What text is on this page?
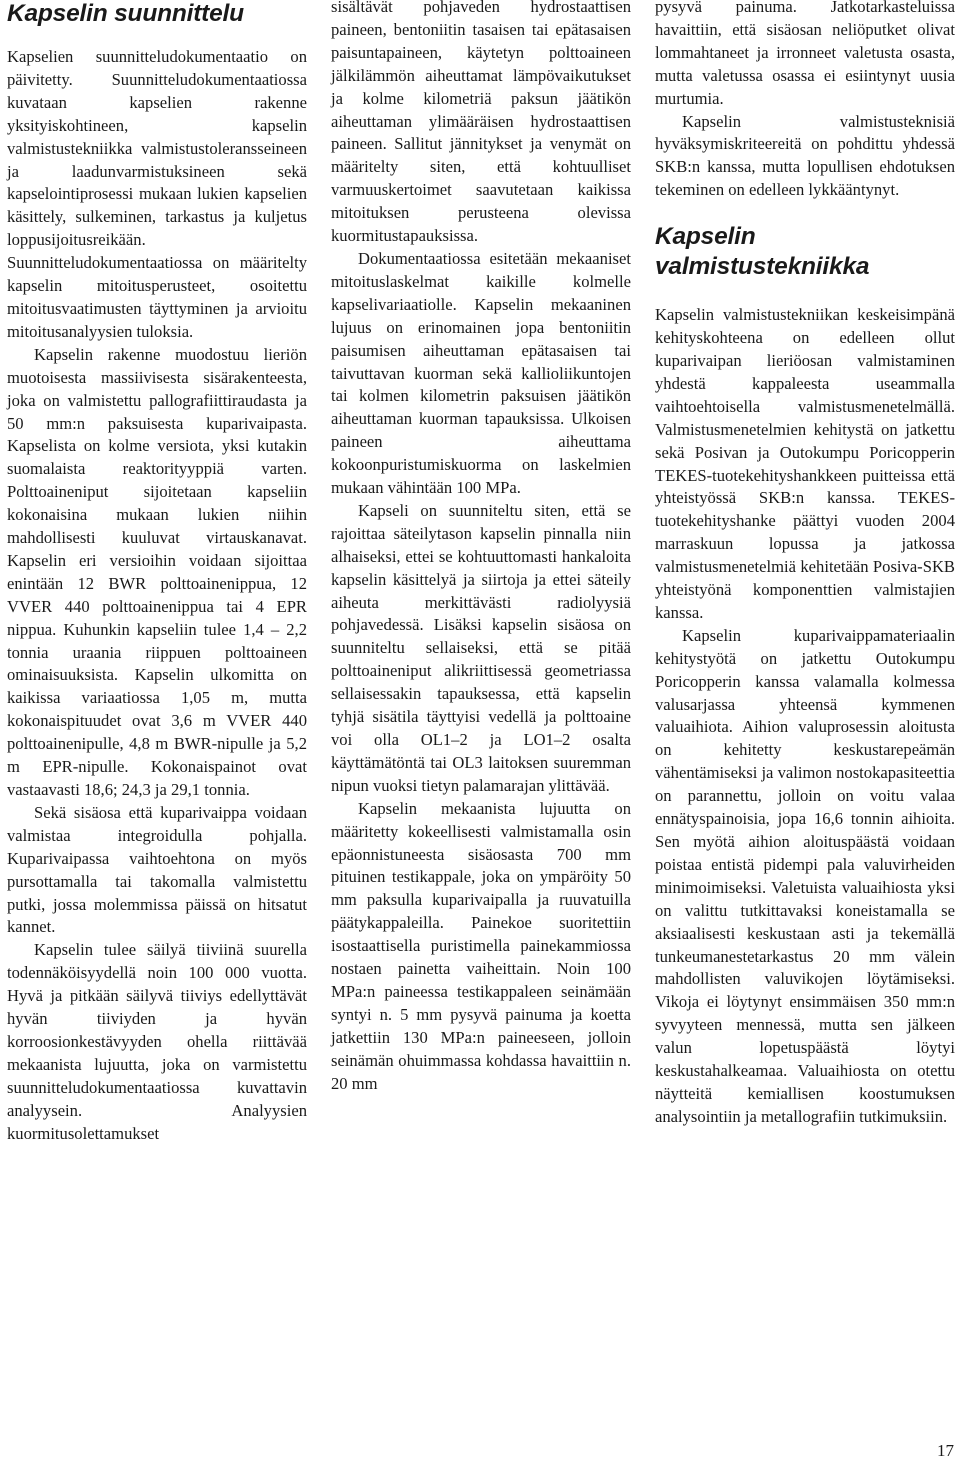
Kapselin suunnittelu

Kapselien suunnitteludokumentaatio on päivitetty. Suunnitteludokumentaatiossa kuvataan kapselien rakenne yksityiskohtineen, kapselin valmistustekniikka valmistustoleransseineen ja laadunvarmistuksineen sekä kapselointiprosessi mukaan lukien kapselien käsittely, sulkeminen, tarkastus ja kuljetus loppusijoitusreikään. Suunnitteludokumentaatiossa on määritelty kapselin mitoitusperusteet, osoitettu mitoitusvaatimusten täyttyminen ja arvioitu mitoitusanalyysien tuloksia.

Kapselin rakenne muodostuu lieriön muotoisesta massiivisesta sisärakenteesta, joka on valmistettu pallografiittiraudasta ja 50 mm:n paksuisesta kuparivaipasta. Kapselista on kolme versiota, yksi kutakin suomalaista reaktorityyppiä varten. Polttoaineniput sijoitetaan kapseliin kokonaisina mukaan lukien niihin mahdollisesti kuuluvat virtauskanavat. Kapselin eri versioihin voidaan sijoittaa enintään 12 BWR polttoainenippua, 12 VVER 440 polttoainenippua tai 4 EPR nippua. Kuhunkin kapseliin tulee 1,4 – 2,2 tonnia uraania riippuen polttoaineen ominaisuuksista. Kapselin ulkomitta on kaikissa variaatiossa 1,05 m, mutta kokonaispituudet ovat 3,6 m VVER 440 polttoainenipulle, 4,8 m BWR-nipulle ja 5,2 m EPR-nipulle. Kokonaispainot ovat vastaavasti 18,6; 24,3 ja 29,1 tonnia.

Sekä sisäosa että kuparivaippa voidaan valmistaa integroidulla pohjalla. Kuparivaipassa vaihtoehtona on myös pursottamalla tai takomalla valmistettu putki, jossa molemmissa päissä on hitsatut kannet.

Kapselin tulee säilyä tiiviinä suurella todennäköisyydellä noin 100 000 vuotta. Hyvä ja pitkään säilyvä tiiviys edellyttävät hyvän tiiviyden ja hyvän korroosionkestävyyden ohella riittävää mekaanista lujuutta, joka on varmistettu suunnitteludokumentaatiossa kuvattavin analyysein. Analyysien kuormitusolettamukset

sisältävät pohjaveden hydrostaattisen paineen, bentoniitin tasaisen tai epätasaisen paisuntapaineen, käytetyn polttoaineen jälkilämmön aiheuttamat lämpövaikutukset ja kolme kilometriä paksun jäätikön aiheuttaman ylimääräisen hydrostaattisen paineen. Sallitut jännitykset ja venymät on määritelty siten, että kohtuulliset varmuuskertoimet saavutetaan kaikissa mitoituksen perusteena olevissa kuormitustapauksissa.

Dokumentaatiossa esitetään mekaaniset mitoituslaskelmat kaikille kolmelle kapselivariaatiolle. Kapselin mekaaninen lujuus on erinomainen jopa bentoniitin paisumisen aiheuttaman epätasaisen tai taivuttavan kuorman sekä kallioliikuntojen tai kolmen kilometrin paksuisen jäätikön aiheuttaman kuorman tapauksissa. Ulkoisen paineen aiheuttama kokoonpuristumiskuorma on laskelmien mukaan vähintään 100 MPa.

Kapseli on suunniteltu siten, että se rajoittaa säteilytason kapselin pinnalla niin alhaiseksi, ettei se kohtuuttomasti hankaloita kapselin käsittelyä ja siirtoja ja ettei säteily aiheuta merkittävästi radiolyysiä pohjavedessä. Lisäksi kapselin sisäosa on suunniteltu sellaiseksi, että se pitää polttoaineniput alikriittisessä geometriassa sellaisessakin tapauksessa, että kapselin tyhjä sisätila täyttyisi vedellä ja polttoaine voi olla OL1–2 ja LO1–2 osalta käyttämätöntä tai OL3 laitoksen suuremman nipun vuoksi tietyn palamarajan ylittävää.

Kapselin mekaanista lujuutta on määritetty kokeellisesti valmistamalla osin epäonnistuneesta sisäosasta 700 mm pituinen testikappale, joka on ympäröity 50 mm paksulla kuparivaipalla ja ruuvatuilla päätykappaleilla. Painekoe suoritettiin isostaattisella puristimella painekammiossa nostaen painetta vaiheittain. Noin 100 MPa:n paineessa testikappaleen seinämään syntyi n. 5 mm pysyvä painuma ja koetta jatkettiin 130 MPa:n paineeseen, jolloin seinämän ohuimmassa kohdassa havaittiin n. 20 mm

pysyvä painuma. Jatkotarkasteluissa havaittiin, että sisäosan neliöputket olivat lommahtaneet ja irronneet valetusta osasta, mutta valetussa osassa ei esiintynyt uusia murtumia.

Kapselin valmistusteknisiä hyväksymiskriteereitä on pohdittu yhdessä SKB:n kanssa, mutta lopullisen ehdotuksen tekeminen on edelleen lykkääntynyt.

Kapselin
valmistustekniikka

Kapselin valmistustekniikan keskeisimpänä kehityskohteena on edelleen ollut kuparivaipan lieriöosan valmistaminen yhdestä kappaleesta useammalla vaihtoehtoisella valmistusmenetelmällä. Valmistusmenetelmien kehitystä on jatkettu sekä Posivan ja Outokumpu Poricopperin TEKES-tuotekehityshankkeen puitteissa että yhteistyössä SKB:n kanssa. TEKES-tuotekehityshanke päättyi vuoden 2004 marraskuun lopussa ja jatkossa valmistusmenetelmiä kehitetään Posiva-SKB yhteistyönä komponenttien valmistajien kanssa.

Kapselin kuparivaippamateriaalin kehitystyötä on jatkettu Outokumpu Poricopperin kanssa valamalla kolmessa valusarjassa yhteensä kymmenen valuaihiota. Aihion valuprosessin aloitusta on kehitetty keskustarepeämän vähentämiseksi ja valimon nostokapasiteettia on parannettu, jolloin on voitu valaa ennätyspainoisia, jopa 16,6 tonnin aihioita. Sen myötä aihion aloituspäästä voidaan poistaa entistä pidempi pala valuvirheiden minimoimiseksi. Valetuista valuaihiosta yksi on valittu tutkittavaksi koneistamalla se aksiaalisesti keskustaan asti ja tekemällä tunkeumanestetarkastus 20 mm välein mahdollisten valuvikojen löytämiseksi. Vikoja ei löytynyt ensimmäisen 350 mm:n syvyyteen mennessä, mutta sen jälkeen valun lopetuspäästä löytyi keskustahalkeamaa. Valuaihiosta on otettu näytteitä kemiallisen koostumuksen analysointiin ja metallografiin tutkimuksiin.

17
